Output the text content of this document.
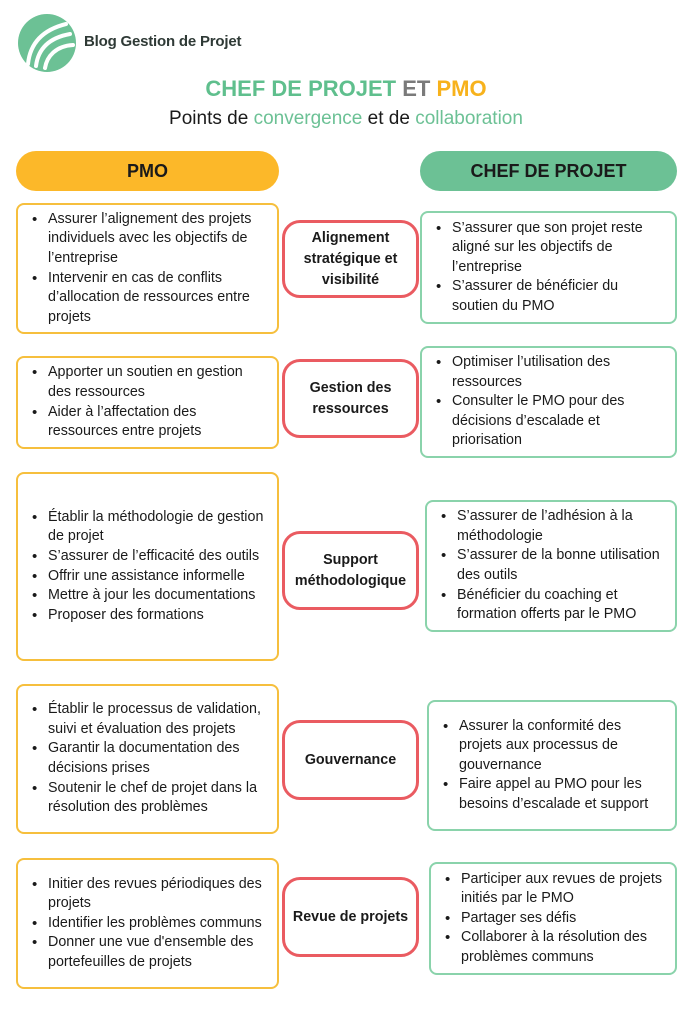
Blog Gestion de Projet
CHEF DE PROJET ET PMO
Points de convergence et de collaboration
PMO	CHEF DE PROJET
• Assurer l’alignement des projets individuels avec les objectifs de l’entreprise
• Intervenir en cas de conflits d’allocation de ressources entre projets
Alignement stratégique et visibilité
• S’assurer que son projet reste aligné sur les objectifs de l’entreprise
• S’assurer de bénéficier du soutien du PMO
• Apporter un soutien en gestion des ressources
• Aider à l’affectation des ressources entre projets
Gestion des ressources
• Optimiser l’utilisation des ressources
• Consulter le PMO pour des décisions d’escalade et priorisation
• Établir la méthodologie de gestion de projet
• S’assurer de l’efficacité des outils
• Offrir une assistance informelle
• Mettre à jour les documentations
• Proposer des formations
Support méthodologique
• S’assurer de l’adhésion à la méthodologie
• S’assurer de la bonne utilisation des outils
• Bénéficier du coaching et formation offerts par le PMO
• Établir le processus de validation, suivi et évaluation des projets
• Garantir la documentation des décisions prises
• Soutenir le chef de projet dans la résolution des problèmes
Gouvernance
• Assurer la conformité des projets aux processus de gouvernance
• Faire appel au PMO pour les besoins d’escalade et support
• Initier des revues périodiques des projets
• Identifier les problèmes communs
• Donner une vue d'ensemble des portefeuilles de projets
Revue de projets
• Participer aux revues de projets initiés par le PMO
• Partager ses défis
• Collaborer à la résolution des problèmes communs
